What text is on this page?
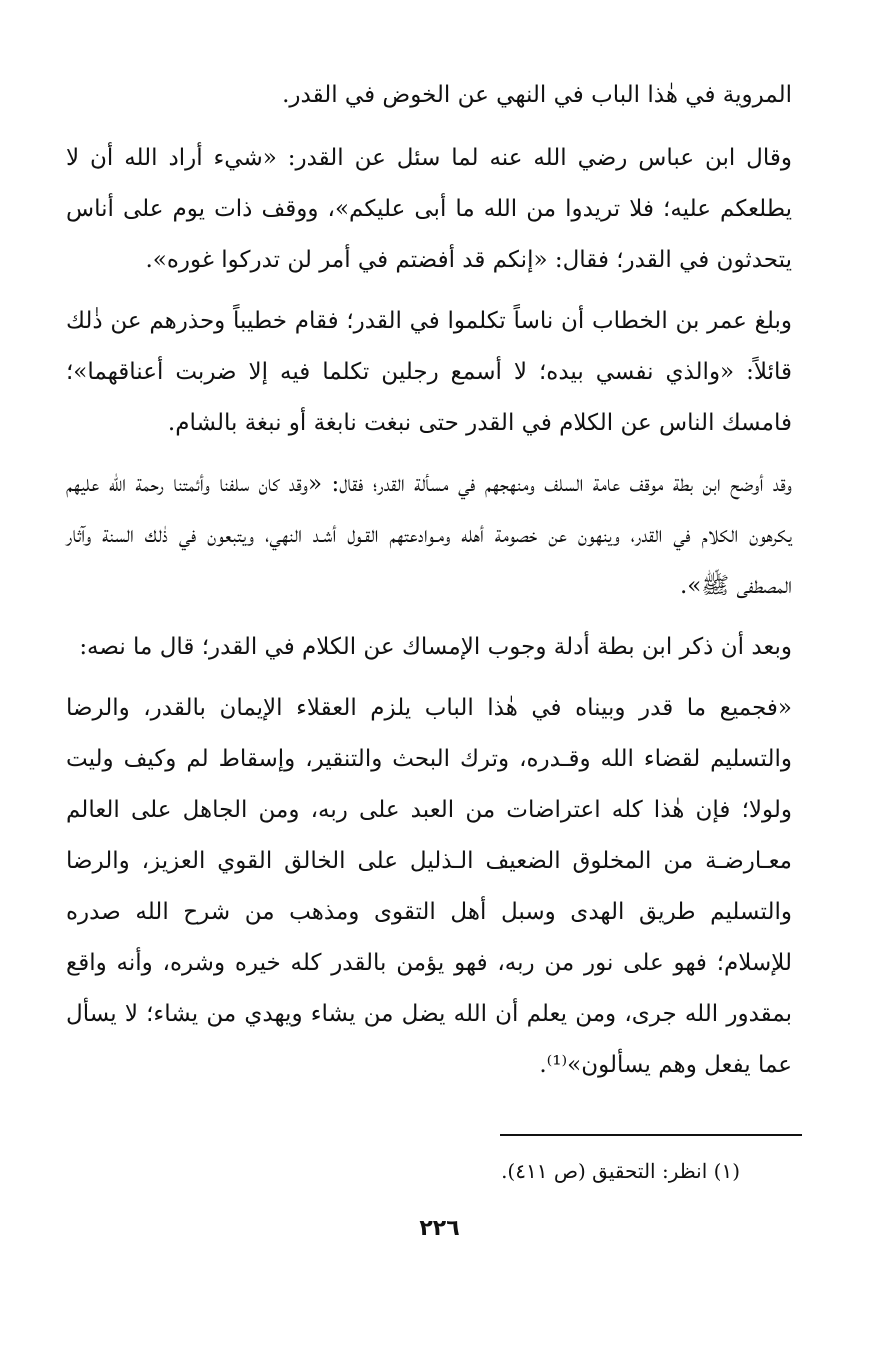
المروية في هٰذا الباب في النهي عن الخوض في القدر.

وقال ابن عباس رضي الله عنه لما سئل عن القدر: «شيء أراد الله أن لا يطلعكم عليه؛ فلا تريدوا من الله ما أبى عليكم»، ووقف ذات يوم على أناس يتحدثون في القدر؛ فقال: «إنكم قد أفضتم في أمر لن تدركوا غوره».

وبلغ عمر بن الخطاب أن ناساً تكلموا في القدر؛ فقام خطيباً وحذرهم عن ذٰلك قائلاً: «والذي نفسي بيده؛ لا أسمع رجلين تكلما فيه إلا ضربت أعناقهما»؛ فامسك الناس عن الكلام في القدر حتى نبغت نابغة أو نبغة بالشام.

وقد أوضح ابن بطة موقف عامة السلف ومنهجهم في مسألة القدر؛ فقال: «وقد كان سلفنا وأئمتنا رحمة الله عليهم يكرهون الكلام في القدر، وينهون عن خصومة أهله ومـوادعتهم القـول أشـد النهي، ويتبعون في ذٰلك السنة وآثار المصطفى ﷺ».

وبعد أن ذكر ابن بطة أدلة وجوب الإمساك عن الكلام في القدر؛ قال ما نصه:

«فجميع ما قدر وبيناه في هٰذا الباب يلزم العقلاء الإيمان بالقدر، والرضا والتسليم لقضاء الله وقـدره، وترك البحث والتنقير، وإسقاط لم وكيف وليت ولولا؛ فإن هٰذا كله اعتراضات من العبد على ربه، ومن الجاهل على العالم معـارضـة من المخلوق الضعيف الـذليل على الخالق القوي العزيز، والرضا والتسليم طريق الهدى وسبل أهل التقوى ومذهب من شرح الله صدره للإسلام؛ فهو على نور من ربه، فهو يؤمن بالقدر كله خيره وشره، وأنه واقع بمقدور الله جرى، ومن يعلم أن الله يضل من يشاء ويهدي من يشاء؛ لا يسأل عما يفعل وهم يسألون»⁽¹⁾.

(١) انظر: التحقيق (ص ٤١١).
٢٢٦
